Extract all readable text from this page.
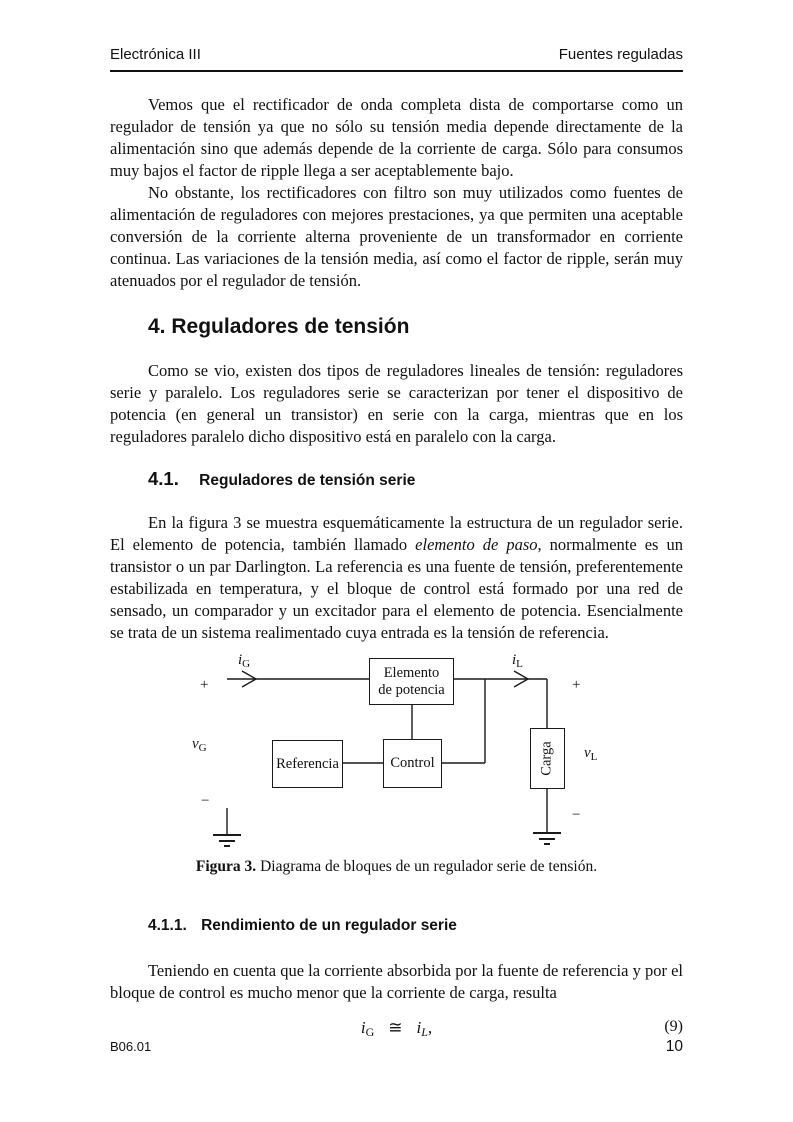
Electrónica III	Fuentes reguladas

Vemos que el rectificador de onda completa dista de comportarse como un regulador de tensión ya que no sólo su tensión media depende directamente de la alimentación sino que además depende de la corriente de carga. Sólo para consumos muy bajos el factor de ripple llega a ser aceptablemente bajo.

No obstante, los rectificadores con filtro son muy utilizados como fuentes de alimentación de reguladores con mejores prestaciones, ya que permiten una aceptable conversión de la corriente alterna proveniente de un transformador en corriente continua. Las variaciones de la tensión media, así como el factor de ripple, serán muy atenuados por el regulador de tensión.

4. Reguladores de tensión

Como se vio, existen dos tipos de reguladores lineales de tensión: reguladores serie y paralelo. Los reguladores serie se caracterizan por tener el dispositivo de potencia (en general un transistor) en serie con la carga, mientras que en los reguladores paralelo dicho dispositivo está en paralelo con la carga.

4.1. Reguladores de tensión serie

En la figura 3 se muestra esquemáticamente la estructura de un regulador serie. El elemento de potencia, también llamado elemento de paso, normalmente es un transistor o un par Darlington. La referencia es una fuente de tensión, preferentemente estabilizada en temperatura, y el bloque de control está formado por una red de sensado, un comparador y un excitador para el elemento de potencia. Esencialmente se trata de un sistema realimentado cuya entrada es la tensión de referencia.

Elemento
de potencia
Referencia	Control	Carga
$i_G$	$i_L$
$v_G$	$v_L$
+	+
−
−
Figura 3. Diagrama de bloques de un regulador serie de tensión.
4.1.1. Rendimiento de un regulador serie

Teniendo en cuenta que la corriente absorbida por la fuente de referencia y por el bloque de control es mucho menor que la corriente de carga, resulta

iG ≅ iL,	(9)
B06.01	10
